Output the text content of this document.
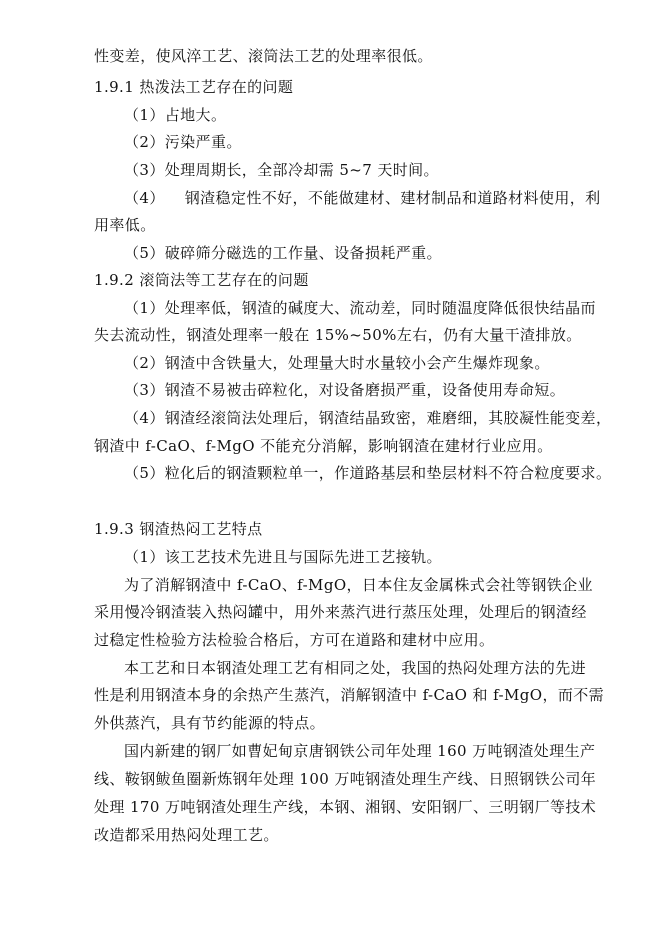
性变差，使风淬工艺、滚筒法工艺的处理率很低。
1.9.1 热泼法工艺存在的问题
（1）占地大。
（2）污染严重。
（3）处理周期长，全部冷却需 5~7 天时间。
（4） 钢渣稳定性不好，不能做建材、建材制品和道路材料使用，利
用率低。
（5）破碎筛分磁选的工作量、设备损耗严重。
1.9.2 滚筒法等工艺存在的问题
（1）处理率低，钢渣的碱度大、流动差，同时随温度降低很快结晶而
失去流动性，钢渣处理率一般在 15%~50%左右，仍有大量干渣排放。
（2）钢渣中含铁量大，处理量大时水量较小会产生爆炸现象。
（3）钢渣不易被击碎粒化，对设备磨损严重，设备使用寿命短。
（4）钢渣经滚筒法处理后，钢渣结晶致密，难磨细，其胶凝性能变差，
钢渣中 f-CaO、f-MgO 不能充分消解，影响钢渣在建材行业应用。
（5）粒化后的钢渣颗粒单一，作道路基层和垫层材料不符合粒度要求。
1.9.3 钢渣热闷工艺特点
（1）该工艺技术先进且与国际先进工艺接轨。
为了消解钢渣中 f-CaO、f-MgO，日本住友金属株式会社等钢铁企业
采用慢冷钢渣装入热闷罐中，用外来蒸汽进行蒸压处理，处理后的钢渣经
过稳定性检验方法检验合格后，方可在道路和建材中应用。
本工艺和日本钢渣处理工艺有相同之处，我国的热闷处理方法的先进
性是利用钢渣本身的余热产生蒸汽，消解钢渣中 f-CaO 和 f-MgO，而不需
外供蒸汽，具有节约能源的特点。
国内新建的钢厂如曹妃甸京唐钢铁公司年处理 160 万吨钢渣处理生产
线、鞍钢鲅鱼圈新炼钢年处理 100 万吨钢渣处理生产线、日照钢铁公司年
处理 170 万吨钢渣处理生产线，本钢、湘钢、安阳钢厂、三明钢厂等技术
改造都采用热闷处理工艺。
